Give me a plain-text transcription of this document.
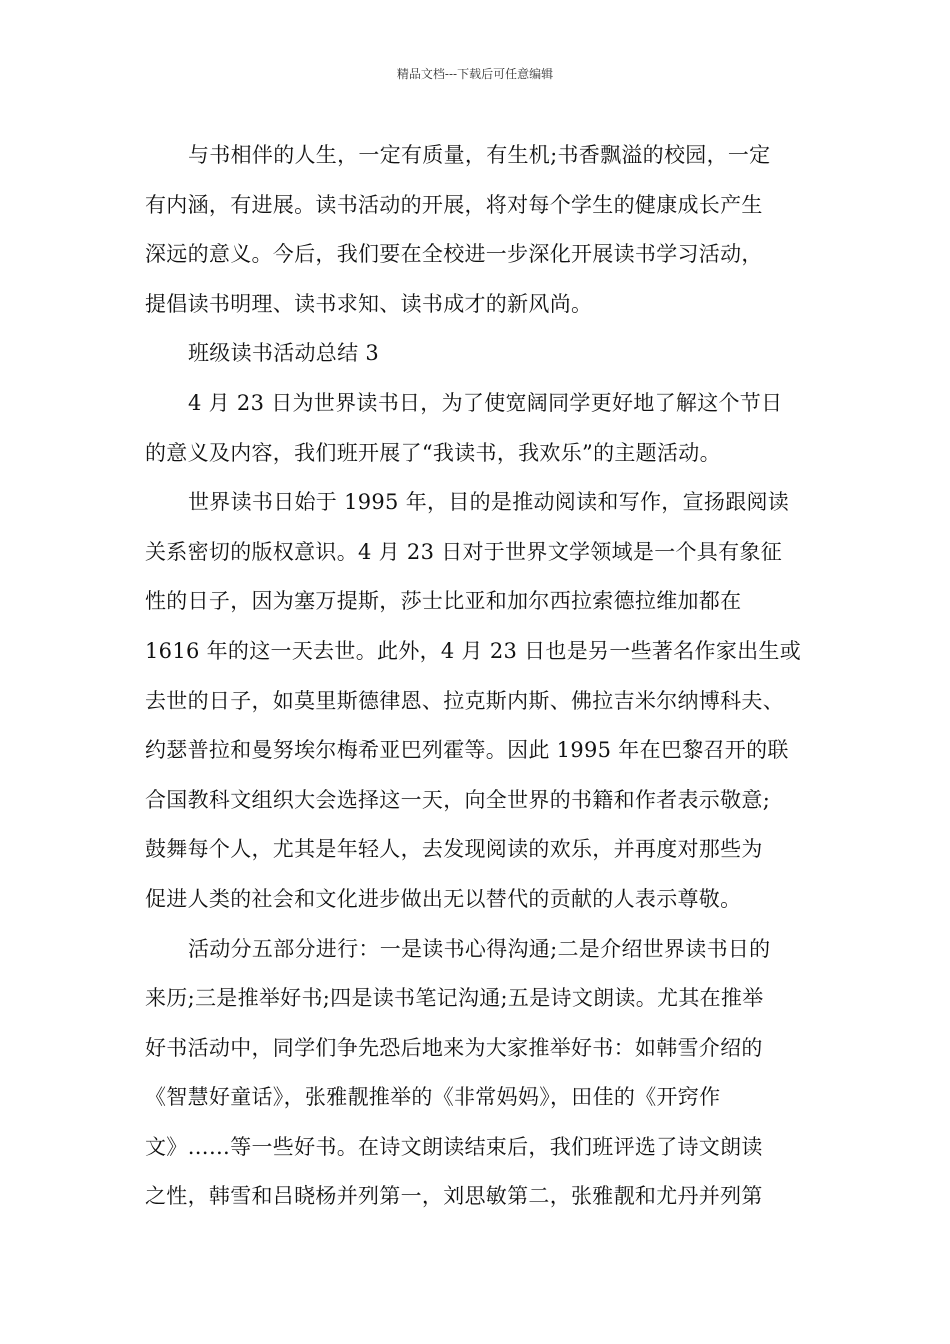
精品文档---下载后可任意编辑
与书相伴的人生，一定有质量，有生机;书香飘溢的校园，一定
有内涵，有进展。读书活动的开展，将对每个学生的健康成长产生
深远的意义。今后，我们要在全校进一步深化开展读书学习活动，
提倡读书明理、读书求知、读书成才的新风尚。
班级读书活动总结 3
4 月 23 日为世界读书日，为了使宽阔同学更好地了解这个节日
的意义及内容，我们班开展了“我读书，我欢乐”的主题活动。
世界读书日始于 1995 年，目的是推动阅读和写作，宣扬跟阅读
关系密切的版权意识。4 月 23 日对于世界文学领域是一个具有象征
性的日子，因为塞万提斯，莎士比亚和加尔西拉索德拉维加都在
1616 年的这一天去世。此外，4 月 23 日也是另一些著名作家出生或
去世的日子，如莫里斯德律恩、拉克斯内斯、佛拉吉米尔纳博科夫、
约瑟普拉和曼努埃尔梅希亚巴列霍等。因此 1995 年在巴黎召开的联
合国教科文组织大会选择这一天，向全世界的书籍和作者表示敬意;
鼓舞每个人，尤其是年轻人，去发现阅读的欢乐，并再度对那些为
促进人类的社会和文化进步做出无以替代的贡献的人表示尊敬。
活动分五部分进行：一是读书心得沟通;二是介绍世界读书日的
来历;三是推举好书;四是读书笔记沟通;五是诗文朗读。尤其在推举
好书活动中，同学们争先恐后地来为大家推举好书：如韩雪介绍的
《智慧好童话》，张雅靓推举的《非常妈妈》，田佳的《开窍作
文》……等一些好书。在诗文朗读结束后，我们班评选了诗文朗读
之性，韩雪和吕晓杨并列第一，刘思敏第二，张雅靓和尤丹并列第
